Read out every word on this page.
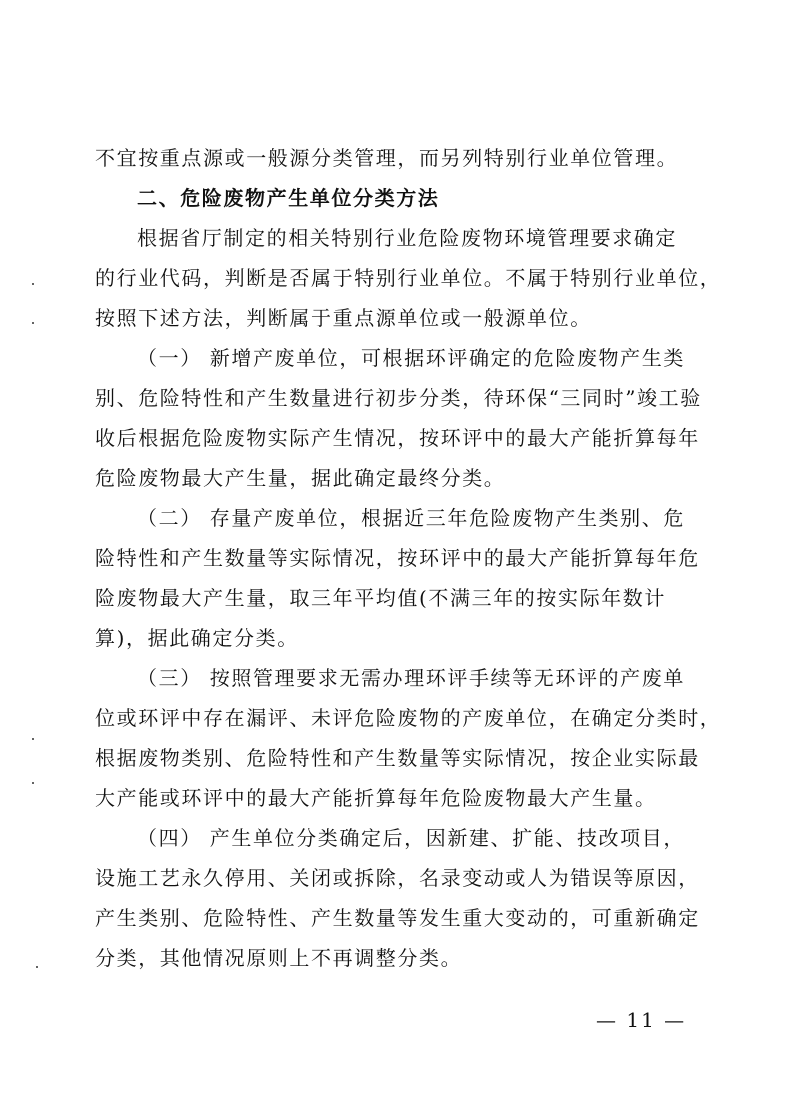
不宜按重点源或一般源分类管理，而另列特别行业单位管理。
二、危险废物产生单位分类方法
根据省厅制定的相关特别行业危险废物环境管理要求确定
的行业代码，判断是否属于特别行业单位。不属于特别行业单位，
按照下述方法，判断属于重点源单位或一般源单位。
（一） 新增产废单位，可根据环评确定的危险废物产生类
别、危险特性和产生数量进行初步分类，待环保“三同时”竣工验
收后根据危险废物实际产生情况，按环评中的最大产能折算每年
危险废物最大产生量，据此确定最终分类。
（二） 存量产废单位，根据近三年危险废物产生类别、危
险特性和产生数量等实际情况，按环评中的最大产能折算每年危
险废物最大产生量，取三年平均值(不满三年的按实际年数计
算)，据此确定分类。
（三） 按照管理要求无需办理环评手续等无环评的产废单
位或环评中存在漏评、未评危险废物的产废单位，在确定分类时，
根据废物类别、危险特性和产生数量等实际情况，按企业实际最
大产能或环评中的最大产能折算每年危险废物最大产生量。
（四） 产生单位分类确定后，因新建、扩能、技改项目，
设施工艺永久停用、关闭或拆除，名录变动或人为错误等原因，
产生类别、危险特性、产生数量等发生重大变动的，可重新确定
分类，其他情况原则上不再调整分类。
— 11 —
